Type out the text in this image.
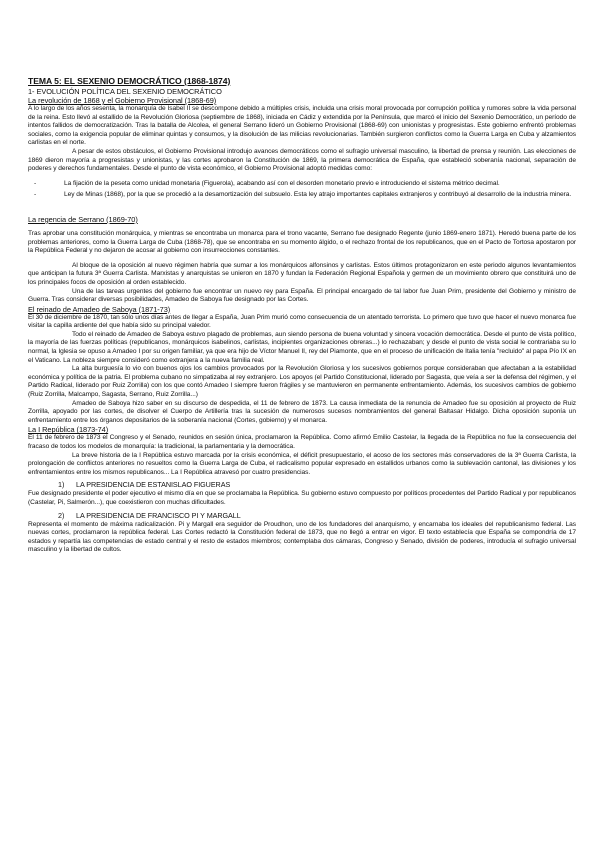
TEMA 5: EL SEXENIO DEMOCRÁTICO (1868-1874)
1- EVOLUCIÓN POLÍTICA DEL SEXENIO DEMOCRÁTICO
La revolución de 1868 y el Gobierno Provisional (1868-69)

A lo largo de los años sesenta, la monarquía de Isabel II se descompone debido a múltiples crisis, incluida una crisis moral provocada por corrupción política y rumores sobre la vida personal de la reina. Esto llevó al estallido de la Revolución Gloriosa (septiembre de 1868), iniciada en Cádiz y extendida por la Península, que marcó el inicio del Sexenio Democrático, un período de intentos fallidos de democratización. Tras la batalla de Alcolea, el general Serrano lideró un Gobierno Provisional (1868-69) con unionistas y progresistas. Este gobierno enfrentó problemas sociales, como la exigencia popular de eliminar quintas y consumos, y la disolución de las milicias revolucionarias. También surgieron conflictos como la Guerra Larga en Cuba y alzamientos carlistas en el norte.

A pesar de estos obstáculos, el Gobierno Provisional introdujo avances democráticos como el sufragio universal masculino, la libertad de prensa y reunión. Las elecciones de 1869 dieron mayoría a progresistas y unionistas, y las cortes aprobaron la Constitución de 1869, la primera democrática de España, que estableció soberanía nacional, separación de poderes y derechos fundamentales. Desde el punto de vista económico, el Gobierno Provisional adoptó medidas como:

-	La fijación de la peseta como unidad monetaria (Figuerola), acabando así con el desorden monetario previo e introduciendo el sistema métrico decimal.
-	Ley de Minas (1868), por la que se procedió a la desamortización del subsuelo. Esta ley atrajo importantes capitales extranjeros y contribuyó al desarrollo de la industria minera.
La regencia de Serrano (1869-70)

Tras aprobar una constitución monárquica, y mientras se encontraba un monarca para el trono vacante, Serrano fue designado Regente (junio 1869-enero 1871). Heredó buena parte de los problemas anteriores, como la Guerra Larga de Cuba (1868-78), que se encontraba en su momento álgido, o el rechazo frontal de los republicanos, que en el Pacto de Tortosa apostaron por la República Federal y no dejaron de acosar al gobierno con insurrecciones constantes.

Al bloque de la oposición al nuevo régimen habría que sumar a los monárquicos alfonsinos y carlistas. Estos últimos protagonizaron en este periodo algunos levantamientos que anticipan la futura 3ª Guerra Carlista. Marxistas y anarquistas se unieron en 1870 y fundan la Federación Regional Española y germen de un movimiento obrero que constituirá uno de los principales focos de oposición al orden establecido.

Una de las tareas urgentes del gobierno fue encontrar un nuevo rey para España. El principal encargado de tal labor fue Juan Prim, presidente del Gobierno y ministro de Guerra. Tras considerar diversas posibilidades, Amadeo de Saboya fue designado por las Cortes.

El reinado de Amadeo de Saboya (1871-73)

El 30 de diciembre de 1870, tan sólo unos días antes de llegar a España, Juan Prim murió como consecuencia de un atentado terrorista. Lo primero que tuvo que hacer el nuevo monarca fue visitar la capilla ardiente del que había sido su principal valedor.

Todo el reinado de Amadeo de Saboya estuvo plagado de problemas, aun siendo persona de buena voluntad y sincera vocación democrática. Desde el punto de vista político, la mayoría de las fuerzas políticas (republicanos, monárquicos isabelinos, carlistas, incipientes organizaciones obreras...) lo rechazaban; y desde el punto de vista social le contrariaba su lo normal, la Iglesia se opuso a Amadeo I por su origen familiar, ya que era hijo de Víctor Manuel II, rey del Piamonte, que en el proceso de unificación de Italia tenía "recluido" al papa Pío IX en el Vaticano. La nobleza siempre consideró como extranjera a la nueva familia real.

La alta burguesía lo vio con buenos ojos los cambios provocados por la Revolución Gloriosa y los sucesivos gobiernos porque consideraban que afectaban a la estabilidad económica y política de la patria. El problema cubano no simpatizaba al rey extranjero. Los apoyos (el Partido Constitucional, liderado por Sagasta, que veía a ser la defensa del régimen, y el Partido Radical, liderado por Ruiz Zorrilla) con los que contó Amadeo I siempre fueron frágiles y se mantuvieron en permanente enfrentamiento. Además, los sucesivos cambios de gobierno (Ruiz Zorrilla, Malcampo, Sagasta, Serrano, Ruiz Zorrilla...)

Amadeo de Saboya hizo saber en su discurso de despedida, el 11 de febrero de 1873. La causa inmediata de la renuncia de Amadeo fue su oposición al proyecto de Ruiz Zorrilla, apoyado por las cortes, de disolver el Cuerpo de Artillería tras la sucesión de numerosos sucesos nombramientos del general Baltasar Hidalgo. Dicha oposición suponía un enfrentamiento entre los órganos depositarios de la soberanía nacional (Cortes, gobierno) y el monarca.

La I República (1873-74)

El 11 de febrero de 1873 el Congreso y el Senado, reunidos en sesión única, proclamaron la República. Como afirmó Emilio Castelar, la llegada de la República no fue la consecuencia del fracaso de todos los modelos de monarquía: la tradicional, la parlamentaria y la democrática.

La breve historia de la I República estuvo marcada por la crisis económica, el déficit presupuestario, el acoso de los sectores más conservadores de la 3ª Guerra Carlista, la prolongación de conflictos anteriores no resueltos como la Guerra Larga de Cuba, el radicalismo popular expresado en estallidos urbanos como la sublevación cantonal, las divisiones y los enfrentamientos entre los mismos republicanos... La I República atravesó por cuatro presidencias.

1) LA PRESIDENCIA DE ESTANISLAO FIGUERAS

Fue designado presidente el poder ejecutivo el mismo día en que se proclamaba la República. Su gobierno estuvo compuesto por políticos procedentes del Partido Radical y por republicanos (Castelar, Pi, Salmerón...), que coexistieron con muchas dificultades.

2) LA PRESIDENCIA DE FRANCISCO PI Y MARGALL

Representa el momento de máxima radicalización. Pi y Margall era seguidor de Proudhon, uno de los fundadores del anarquismo, y encarnaba los ideales del republicanismo federal. Las nuevas cortes, proclamaron la república federal. Las Cortes redactó la Constitución federal de 1873, que no llegó a entrar en vigor. El texto establecía que España se compondría de 17 estados y repartía las competencias de estado central y el resto de estados miembros; contemplaba dos cámaras, Congreso y Senado, división de poderes, introducía el sufragio universal masculino y la libertad de cultos.
